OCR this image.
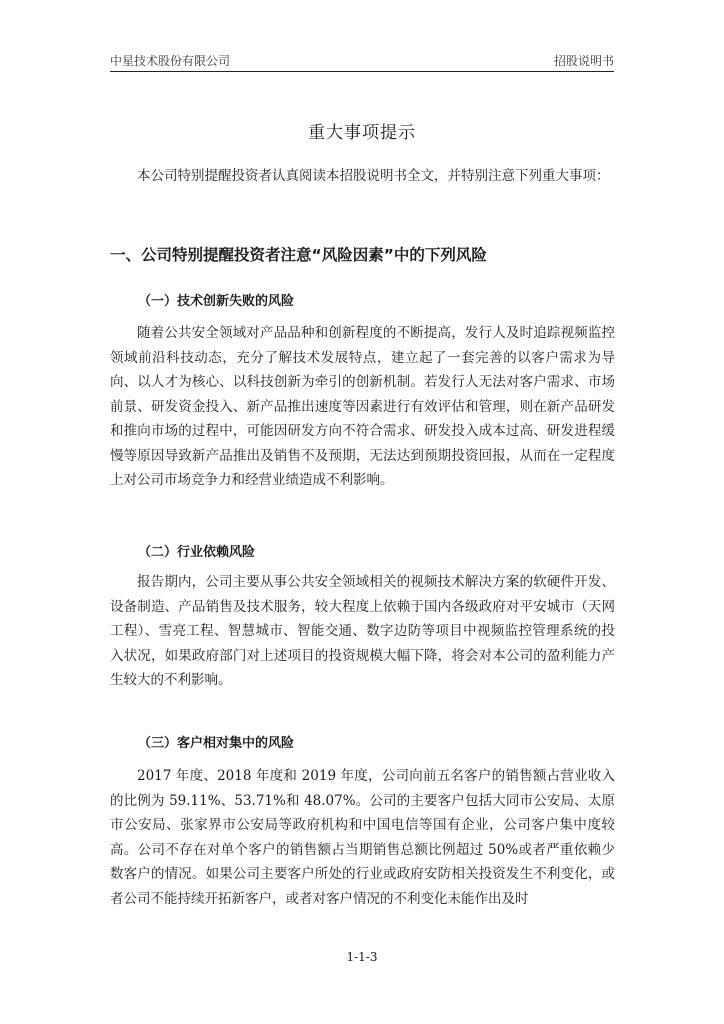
中星技术股份有限公司	招股说明书
重大事项提示
本公司特别提醒投资者认真阅读本招股说明书全文，并特别注意下列重大事项：
一、公司特别提醒投资者注意“风险因素”中的下列风险
（一）技术创新失败的风险
随着公共安全领域对产品品种和创新程度的不断提高，发行人及时追踪视频监控领域前沿科技动态，充分了解技术发展特点，建立起了一套完善的以客户需求为导向、以人才为核心、以科技创新为牵引的创新机制。若发行人无法对客户需求、市场前景、研发资金投入、新产品推出速度等因素进行有效评估和管理，则在新产品研发和推向市场的过程中，可能因研发方向不符合需求、研发投入成本过高、研发进程缓慢等原因导致新产品推出及销售不及预期，无法达到预期投资回报，从而在一定程度上对公司市场竞争力和经营业绩造成不利影响。
（二）行业依赖风险
报告期内，公司主要从事公共安全领域相关的视频技术解决方案的软硬件开发、设备制造、产品销售及技术服务，较大程度上依赖于国内各级政府对平安城市（天网工程）、雪亮工程、智慧城市、智能交通、数字边防等项目中视频监控管理系统的投入状况，如果政府部门对上述项目的投资规模大幅下降，将会对本公司的盈利能力产生较大的不利影响。
（三）客户相对集中的风险
2017 年度、2018 年度和 2019 年度，公司向前五名客户的销售额占营业收入的比例为 59.11%、53.71%和 48.07%。公司的主要客户包括大同市公安局、太原市公安局、张家界市公安局等政府机构和中国电信等国有企业，公司客户集中度较高。公司不存在对单个客户的销售额占当期销售总额比例超过 50%或者严重依赖少数客户的情况。如果公司主要客户所处的行业或政府安防相关投资发生不利变化，或者公司不能持续开拓新客户，或者对客户情况的不利变化未能作出及时
1-1-3
